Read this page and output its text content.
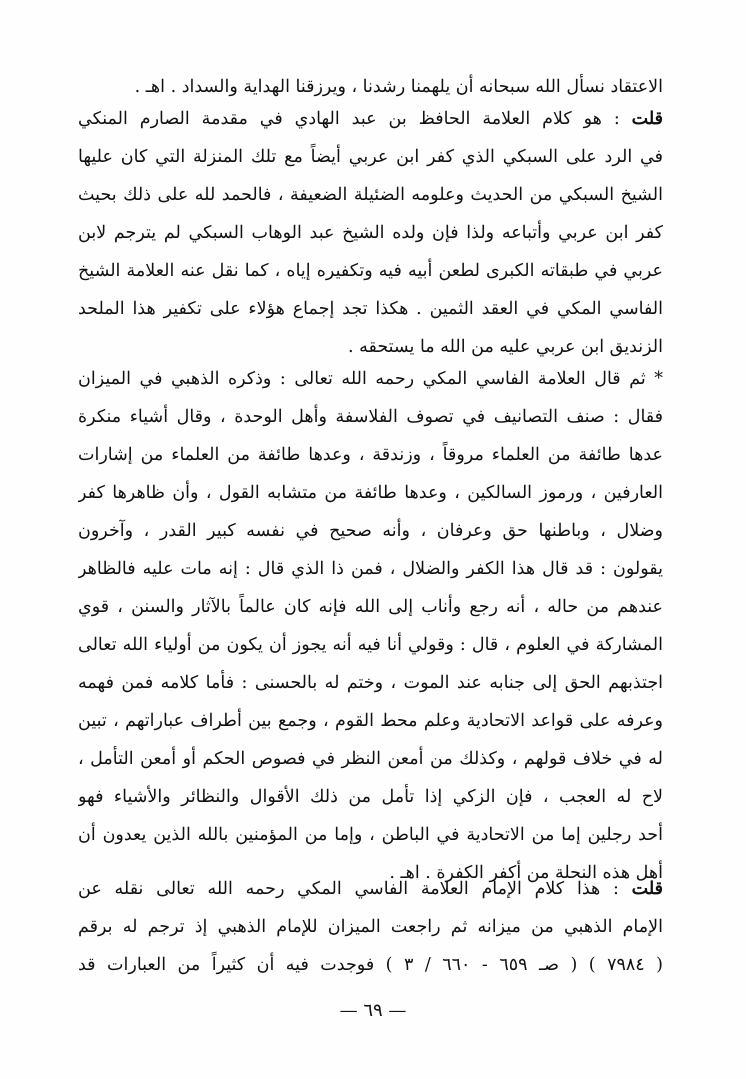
الاعتقاد نسأل الله سبحانه أن يلهمنا رشدنا ، ويرزقنا الهداية والسداد . اهـ .
قلت : هو كلام العلامة الحافظ بن عبد الهادي في مقدمة الصارم المنكي
في الرد على السبكي الذي كفر ابن عربي أيضاً مع تلك المنزلة التي كان عليها
الشيخ السبكي من الحديث وعلومه الضئيلة الضعيفة ، فالحمد لله على ذلك بحيث
كفر ابن عربي وأتباعه ولذا فإن ولده الشيخ عبد الوهاب السبكي لم يترجم لابن
عربي في طبقاته الكبرى لطعن أبيه فيه وتكفيره إياه ، كما نقل عنه العلامة الشيخ
الفاسي المكي في العقد الثمين . هكذا تجد إجماع هؤلاء على تكفير هذا الملحد
الزنديق ابن عربي عليه من الله ما يستحقه .
* ثم قال العلامة الفاسي المكي رحمه الله تعالى : وذكره الذهبي في الميزان
فقال : صنف التصانيف في تصوف الفلاسفة وأهل الوحدة ، وقال أشياء منكرة
عدها طائفة من العلماء مروقاً ، وزندقة ، وعدها طائفة من العلماء من إشارات
العارفين ، ورموز السالكين ، وعدها طائفة من متشابه القول ، وأن ظاهرها كفر
وضلال ، وباطنها حق وعرفان ، وأنه صحيح في نفسه كبير القدر ، وآخرون
يقولون : قد قال هذا الكفر والضلال ، فمن ذا الذي قال : إنه مات عليه فالظاهر
عندهم من حاله ، أنه رجع وأناب إلى الله فإنه كان عالماً بالآثار والسنن ، قوي
المشاركة في العلوم ، قال : وقولي أنا فيه أنه يجوز أن يكون من أولياء الله تعالى
اجتذبهم الحق إلى جنابه عند الموت ، وختم له بالحسنى : فأما كلامه فمن فهمه
وعرفه على قواعد الاتحادية وعلم محط القوم ، وجمع بين أطراف عباراتهم ، تبين
له في خلاف قولهم ، وكذلك من أمعن النظر في فصوص الحكم أو أمعن التأمل ،
لاح له العجب ، فإن الزكي إذا تأمل من ذلك الأقوال والنظائر والأشياء فهو
أحد رجلين إما من الاتحادية في الباطن ، وإما من المؤمنين بالله الذين يعدون أن
أهل هذه النحلة من أكفر الكفرة . اهـ .
قلت : هذا كلام الإمام العلامة الفاسي المكي رحمه الله تعالى نقله عن
الإمام الذهبي من ميزانه ثم راجعت الميزان للإمام الذهبي إذ ترجم له برقم
( ٧٩٨٤ ) ( صـ ٦٥٩ - ٦٦٠ / ٣ ) فوجدت فيه أن كثيراً من العبارات قد
— ٦٩ —
